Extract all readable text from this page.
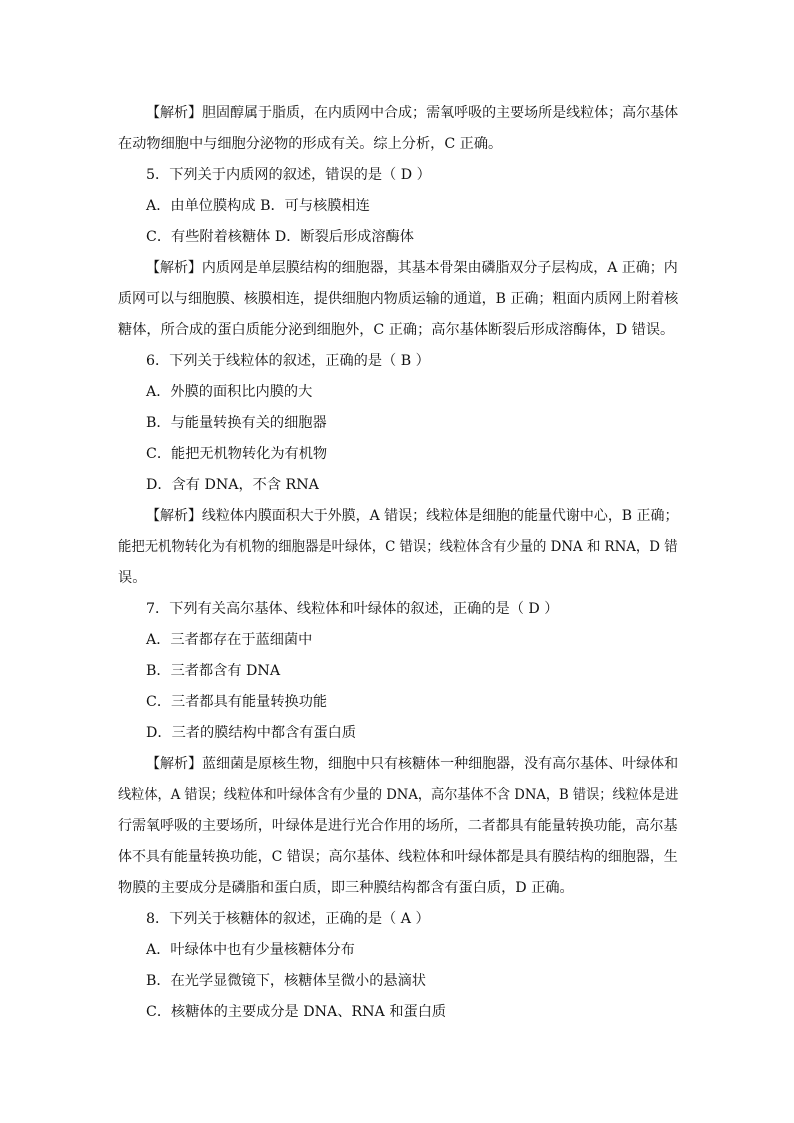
【解析】胆固醇属于脂质，在内质网中合成；需氧呼吸的主要场所是线粒体；高尔基体
在动物细胞中与细胞分泌物的形成有关。综上分析，C 正确。
5．下列关于内质网的叙述，错误的是（ D ）
A．由单位膜构成 B．可与核膜相连
C．有些附着核糖体 D．断裂后形成溶酶体
【解析】内质网是单层膜结构的细胞器，其基本骨架由磷脂双分子层构成，A 正确；内
质网可以与细胞膜、核膜相连，提供细胞内物质运输的通道，B 正确；粗面内质网上附着核
糖体，所合成的蛋白质能分泌到细胞外，C 正确；高尔基体断裂后形成溶酶体，D 错误。
6．下列关于线粒体的叙述，正确的是（ B ）
A．外膜的面积比内膜的大
B．与能量转换有关的细胞器
C．能把无机物转化为有机物
D．含有 DNA，不含 RNA
【解析】线粒体内膜面积大于外膜，A 错误；线粒体是细胞的能量代谢中心，B 正确；
能把无机物转化为有机物的细胞器是叶绿体，C 错误；线粒体含有少量的 DNA 和 RNA，D 错
误。
7．下列有关高尔基体、线粒体和叶绿体的叙述，正确的是（ D ）
A．三者都存在于蓝细菌中
B．三者都含有 DNA
C．三者都具有能量转换功能
D．三者的膜结构中都含有蛋白质
【解析】蓝细菌是原核生物，细胞中只有核糖体一种细胞器，没有高尔基体、叶绿体和
线粒体，A 错误；线粒体和叶绿体含有少量的 DNA，高尔基体不含 DNA，B 错误；线粒体是进
行需氧呼吸的主要场所，叶绿体是进行光合作用的场所，二者都具有能量转换功能，高尔基
体不具有能量转换功能，C 错误；高尔基体、线粒体和叶绿体都是具有膜结构的细胞器，生
物膜的主要成分是磷脂和蛋白质，即三种膜结构都含有蛋白质，D 正确。
8．下列关于核糖体的叙述，正确的是（ A ）
A．叶绿体中也有少量核糖体分布
B．在光学显微镜下，核糖体呈微小的悬滴状
C．核糖体的主要成分是 DNA、RNA 和蛋白质
